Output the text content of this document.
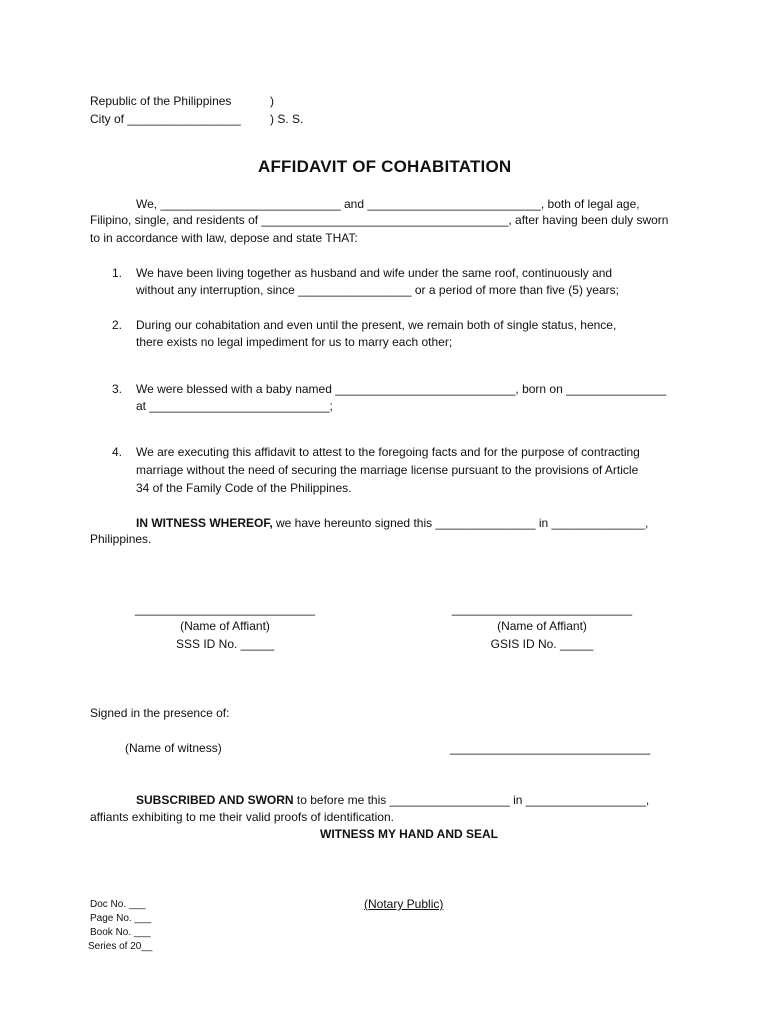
Republic of the Philippines	)
City of _________________ ) S. S.
AFFIDAVIT OF COHABITATION
We, ___________________________ and __________________________, both of legal age,
Filipino, single, and residents of _____________________________________, after having been duly sworn
to in accordance with law, depose and state THAT:
1.	We have been living together as husband and wife under the same roof, continuously and
without any interruption, since _________________ or a period of more than five (5) years;
2.	During our cohabitation and even until the present, we remain both of single status, hence,
there exists no legal impediment for us to marry each other;
3.	We were blessed with a baby named ___________________________, born on _______________
at ___________________________;
4.	We are executing this affidavit to attest to the foregoing facts and for the purpose of contracting
marriage without the need of securing the marriage license pursuant to the provisions of Article
34 of the Family Code of the Philippines.
IN WITNESS WHEREOF, we have hereunto signed this _______________ in ______________,
Philippines.
___________________________
(Name of Affiant)
SSS ID No. _____
___________________________
(Name of Affiant)
GSIS ID No. _____
Signed in the presence of:
(Name of witness)	______________________________
SUBSCRIBED AND SWORN to before me this __________________ in __________________,
affiants exhibiting to me their valid proofs of identification.
WITNESS MY HAND AND SEAL
(Notary Public)
Doc No. ___
Page No. ___
Book No. ___
Series of 20__
